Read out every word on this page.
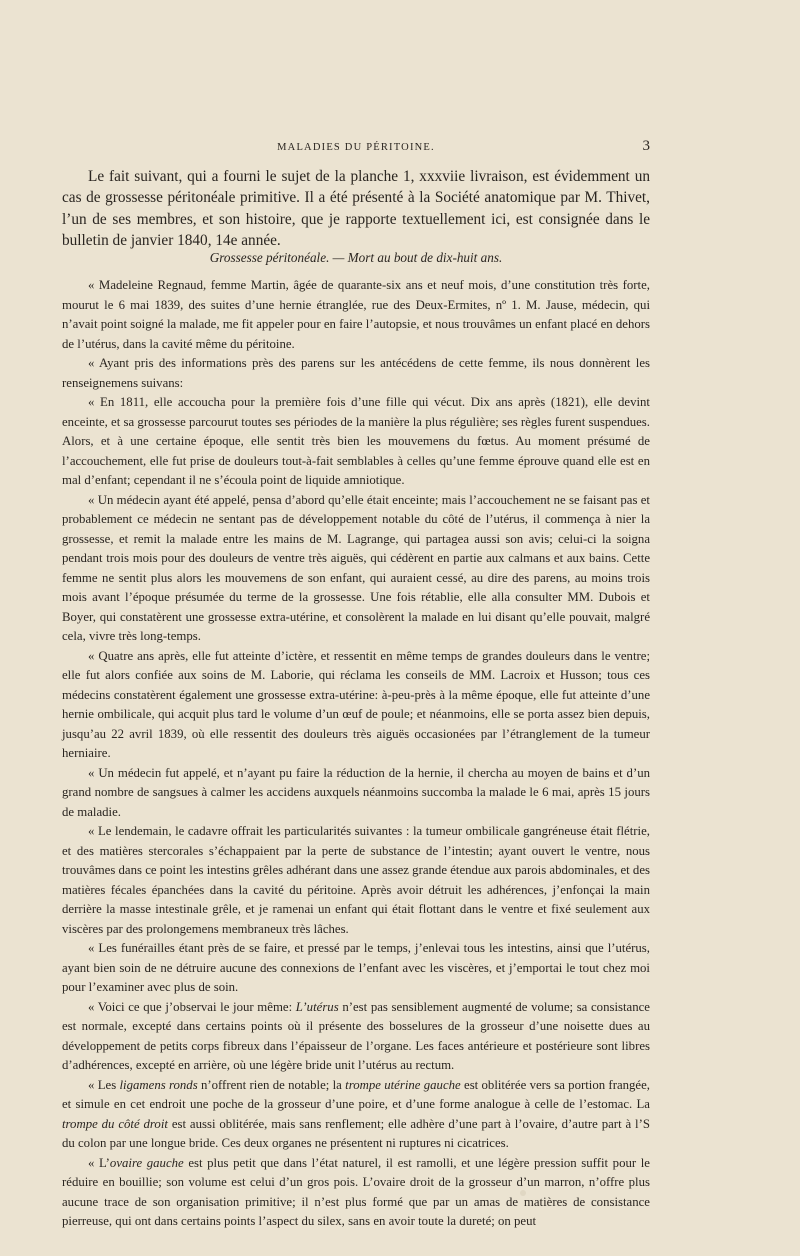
MALADIES DU PÉRITOINE.	3

Le fait suivant, qui a fourni le sujet de la planche 1, xxxviie livraison, est évidemment un cas de grossesse péritonéale primitive. Il a été présenté à la Société anatomique par M. Thivet, l’un de ses membres, et son histoire, que je rapporte textuellement ici, est consignée dans le bulletin de janvier 1840, 14e année.

Grossesse péritonéale. — Mort au bout de dix-huit ans.

« Madeleine Regnaud, femme Martin, âgée de quarante-six ans et neuf mois, d’une constitution très forte, mourut le 6 mai 1839, des suites d’une hernie étranglée, rue des Deux-Ermites, nº 1. M. Jause, médecin, qui n’avait point soigné la malade, me fit appeler pour en faire l’autopsie, et nous trouvâmes un enfant placé en dehors de l’utérus, dans la cavité même du péritoine.

« Ayant pris des informations près des parens sur les antécédens de cette femme, ils nous donnèrent les renseignemens suivans:

« En 1811, elle accoucha pour la première fois d’une fille qui vécut. Dix ans après (1821), elle devint enceinte, et sa grossesse parcourut toutes ses périodes de la manière la plus régulière; ses règles furent suspendues. Alors, et à une certaine époque, elle sentit très bien les mouvemens du fœtus. Au moment présumé de l’accouchement, elle fut prise de douleurs tout-à-fait semblables à celles qu’une femme éprouve quand elle est en mal d’enfant; cependant il ne s’écoula point de liquide amniotique.

« Un médecin ayant été appelé, pensa d’abord qu’elle était enceinte; mais l’accouchement ne se faisant pas et probablement ce médecin ne sentant pas de développement notable du côté de l’utérus, il commença à nier la grossesse, et remit la malade entre les mains de M. Lagrange, qui partagea aussi son avis; celui-ci la soigna pendant trois mois pour des douleurs de ventre très aiguës, qui cédèrent en partie aux calmans et aux bains. Cette femme ne sentit plus alors les mouvemens de son enfant, qui auraient cessé, au dire des parens, au moins trois mois avant l’époque présumée du terme de la grossesse. Une fois rétablie, elle alla consulter MM. Dubois et Boyer, qui constatèrent une grossesse extra-utérine, et consolèrent la malade en lui disant qu’elle pouvait, malgré cela, vivre très long-temps.

« Quatre ans après, elle fut atteinte d’ictère, et ressentit en même temps de grandes douleurs dans le ventre; elle fut alors confiée aux soins de M. Laborie, qui réclama les conseils de MM. Lacroix et Husson; tous ces médecins constatèrent également une grossesse extra-utérine: à-peu-près à la même époque, elle fut atteinte d’une hernie ombilicale, qui acquit plus tard le volume d’un œuf de poule; et néanmoins, elle se porta assez bien depuis, jusqu’au 22 avril 1839, où elle ressentit des douleurs très aiguës occasionées par l’étranglement de la tumeur herniaire.

« Un médecin fut appelé, et n’ayant pu faire la réduction de la hernie, il chercha au moyen de bains et d’un grand nombre de sangsues à calmer les accidens auxquels néanmoins succomba la malade le 6 mai, après 15 jours de maladie.

« Le lendemain, le cadavre offrait les particularités suivantes : la tumeur ombilicale gangréneuse était flétrie, et des matières stercorales s’échappaient par la perte de substance de l’intestin; ayant ouvert le ventre, nous trouvâmes dans ce point les intestins grêles adhérant dans une assez grande étendue aux parois abdominales, et des matières fécales épanchées dans la cavité du péritoine. Après avoir détruit les adhérences, j’enfonçai la main derrière la masse intestinale grêle, et je ramenai un enfant qui était flottant dans le ventre et fixé seulement aux viscères par des prolongemens membraneux très lâches.

« Les funérailles étant près de se faire, et pressé par le temps, j’enlevai tous les intestins, ainsi que l’utérus, ayant bien soin de ne détruire aucune des connexions de l’enfant avec les viscères, et j’emportai le tout chez moi pour l’examiner avec plus de soin.

« Voici ce que j’observai le jour même: L’utérus n’est pas sensiblement augmenté de volume; sa consistance est normale, excepté dans certains points où il présente des bosselures de la grosseur d’une noisette dues au développement de petits corps fibreux dans l’épaisseur de l’organe. Les faces antérieure et postérieure sont libres d’adhérences, excepté en arrière, où une légère bride unit l’utérus au rectum.

« Les ligamens ronds n’offrent rien de notable; la trompe utérine gauche est oblitérée vers sa portion frangée, et simule en cet endroit une poche de la grosseur d’une poire, et d’une forme analogue à celle de l’estomac. La trompe du côté droit est aussi oblitérée, mais sans renflement; elle adhère d’une part à l’ovaire, d’autre part à l’S du colon par une longue bride. Ces deux organes ne présentent ni ruptures ni cicatrices.

« L’ovaire gauche est plus petit que dans l’état naturel, il est ramolli, et une légère pression suffit pour le réduire en bouillie; son volume est celui d’un gros pois. L’ovaire droit de la grosseur d’un marron, n’offre plus aucune trace de son organisation primitive; il n’est plus formé que par un amas de matières de consistance pierreuse, qui ont dans certains points l’aspect du silex, sans en avoir toute la dureté; on peut
